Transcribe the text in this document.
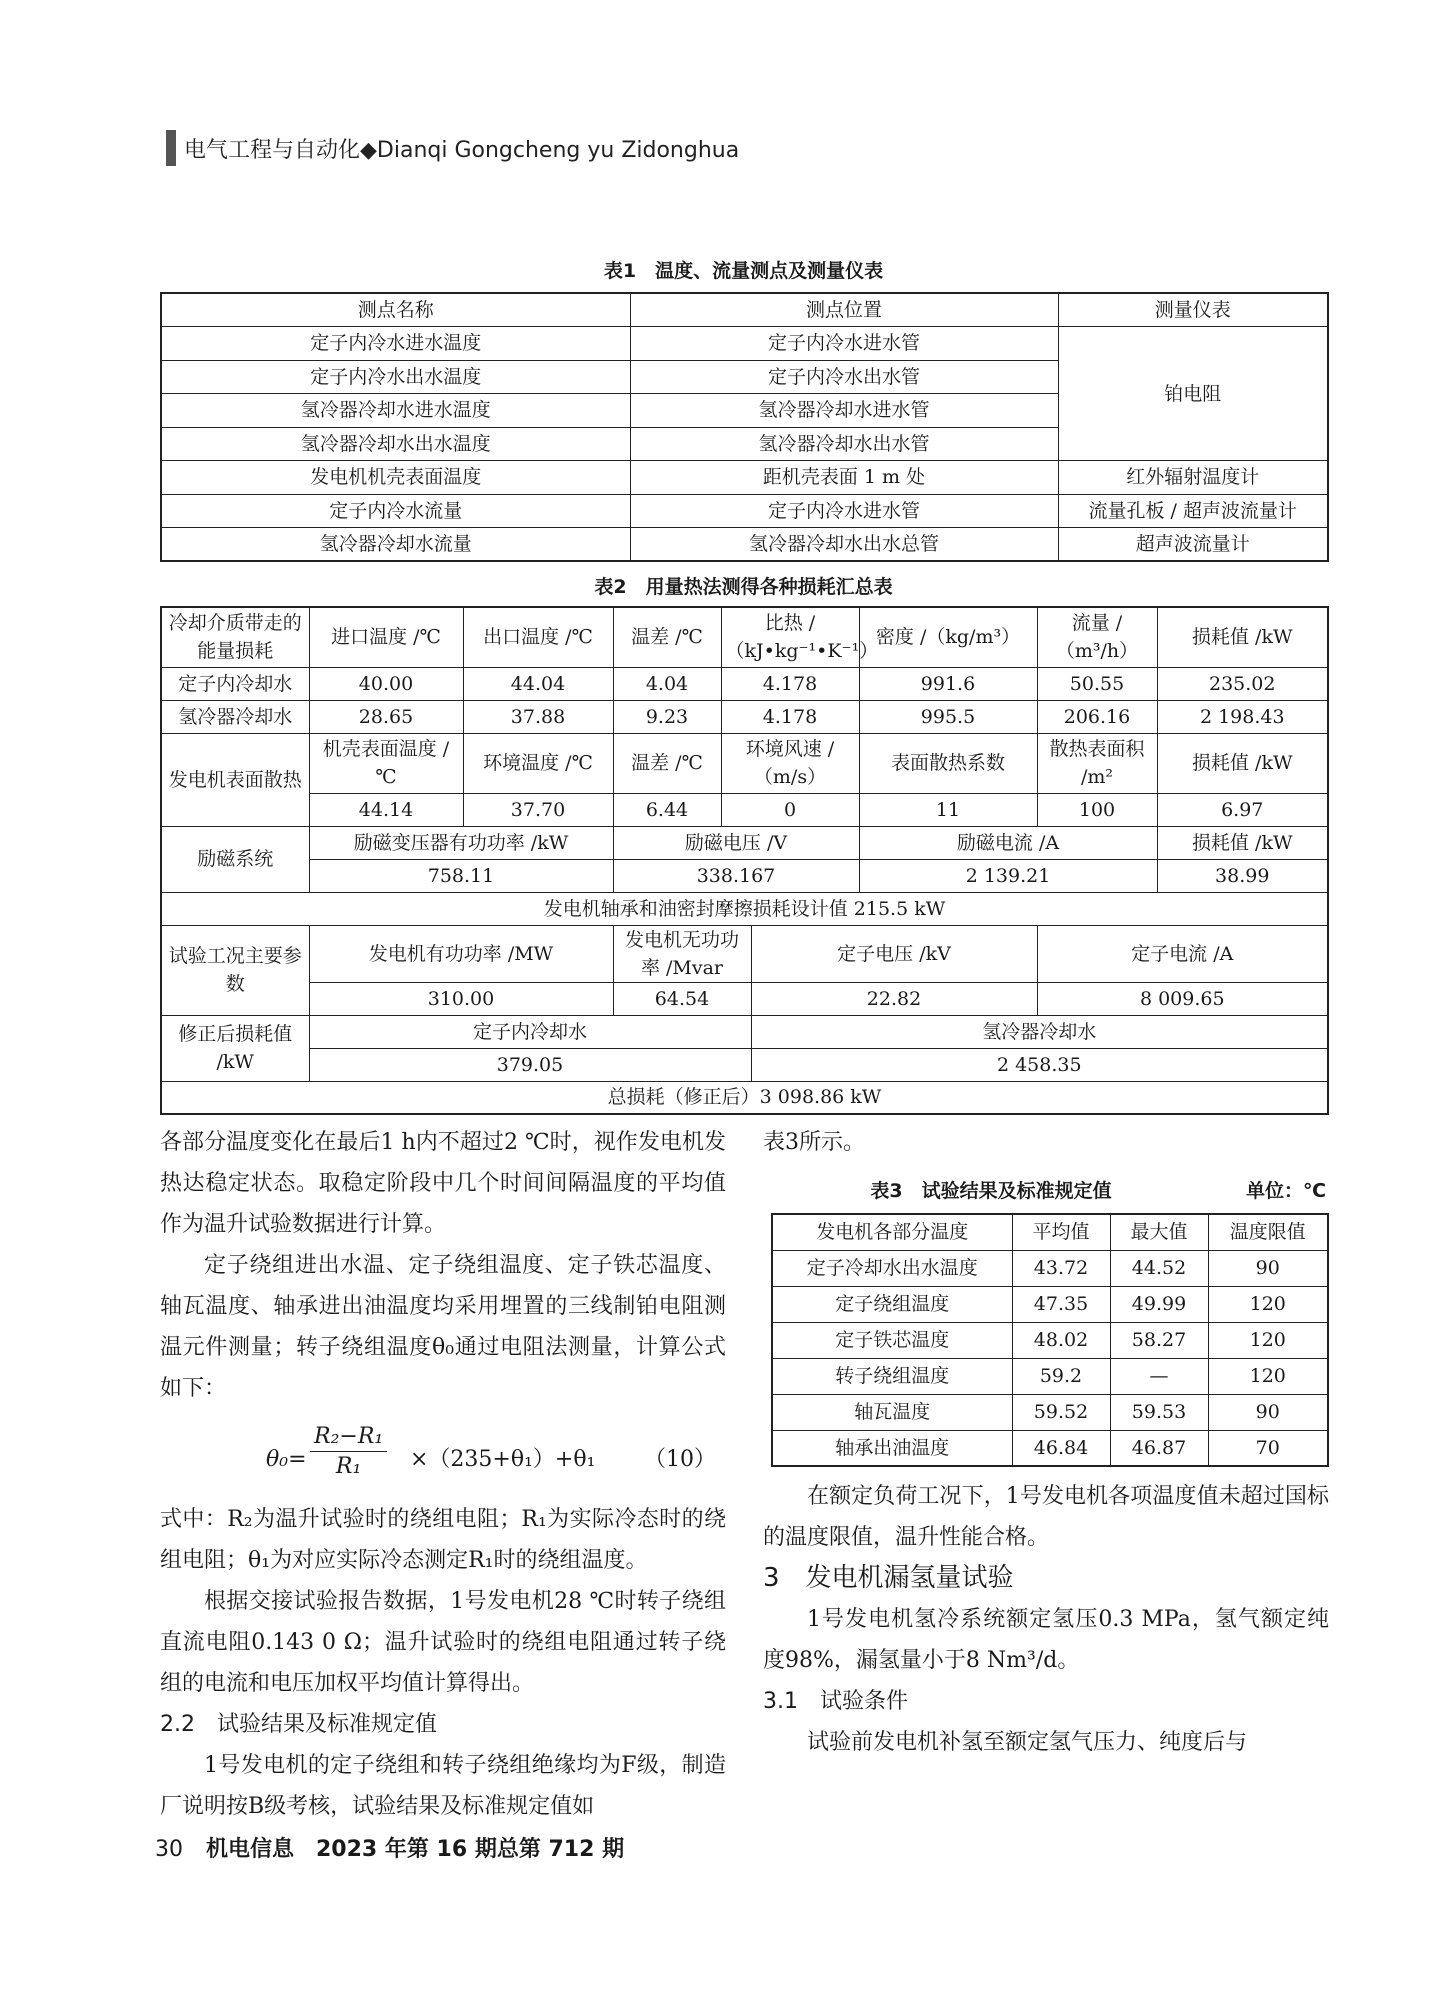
电气工程与自动化◆Dianqi Gongcheng yu Zidonghua
表1　温度、流量测点及测量仪表
测点名称	测点位置	测量仪表
定子内冷水进水温度	定子内冷水进水管	铂电阻
定子内冷水出水温度	定子内冷水出水管	
氢冷器冷却水进水温度	氢冷器冷却水进水管	
氢冷器冷却水出水温度	氢冷器冷却水出水管	
发电机机壳表面温度	距机壳表面 1 m 处	红外辐射温度计
定子内冷水流量	定子内冷水进水管	流量孔板 / 超声波流量计
氢冷器冷却水流量	氢冷器冷却水出水总管	超声波流量计
表2　用量热法测得各种损耗汇总表
冷却介质带走的能量损耗	进口温度 /℃	出口温度 /℃	温差 /℃	比热 /（kJ•kg⁻¹•K⁻¹）		密度 /（kg/m³）	流量 /（m³/h）	损耗值 /kW
定子内冷却水	40.00	44.04	4.04	4.178		991.6	50.55	235.02
氢冷器冷却水	28.65	37.88	9.23	4.178		995.5	206.16	2 198.43
发电机表面散热	机壳表面温度 /℃	环境温度 /℃	温差 /℃	环境风速 /（m/s）		表面散热系数	散热表面积 /m²	损耗值 /kW
	44.14	37.70	6.44	0		11	100	6.97
励磁系统	励磁变压器有功功率 /kW		励磁电压 /V			励磁电流 /A		损耗值 /kW
	758.11		338.167			2 139.21		38.99
发电机轴承和油密封摩擦损耗设计值 215.5 kW								
试验工况主要参数	发电机有功功率 /MW		发电机无功功率 /Mvar		定子电压 /kV		定子电流 /A	
	310.00		64.54		22.82		8 009.65	
修正后损耗值 /kW	定子内冷却水				氢冷器冷却水			
	379.05				2 458.35			
总损耗（修正后）3 098.86 kW								

各部分温度变化在最后1 h内不超过2 ℃时，视作发电机发热达稳定状态。取稳定阶段中几个时间间隔温度的平均值作为温升试验数据进行计算。

定子绕组进出水温、定子绕组温度、定子铁芯温度、轴瓦温度、轴承进出油温度均采用埋置的三线制铂电阻测温元件测量；转子绕组温度θ₀通过电阻法测量，计算公式如下：

$\theta_0= \frac{\text{R₂−R₁}}{\text{R₁}} \times(235+\theta_1)+\theta_1$ （10）

式中：R₂为温升试验时的绕组电阻；R₁为实际冷态时的绕组电阻；θ₁为对应实际冷态测定R₁时的绕组温度。

根据交接试验报告数据，1号发电机28 ℃时转子绕组直流电阻0.143 0 Ω；温升试验时的绕组电阻通过转子绕组的电流和电压加权平均值计算得出。

2.2　试验结果及标准规定值

1号发电机的定子绕组和转子绕组绝缘均为F级，制造厂说明按B级考核，试验结果及标准规定值如

表3所示。

表3　试验结果及标准规定值	单位：℃
发电机各部分温度	平均值	最大值	温度限值
定子冷却水出水温度	43.72	44.52	90
定子绕组温度	47.35	49.99	120
定子铁芯温度	48.02	58.27	120
转子绕组温度	59.2	—	120
轴瓦温度	59.52	59.53	90
轴承出油温度	46.84	46.87	70

在额定负荷工况下，1号发电机各项温度值未超过国标的温度限值，温升性能合格。

3　发电机漏氢量试验

1号发电机氢冷系统额定氢压0.3 MPa，氢气额定纯度98%，漏氢量小于8 Nm³/d。

3.1　试验条件

试验前发电机补氢至额定氢气压力、纯度后与

30 机电信息　2023 年第 16 期总第 712 期
